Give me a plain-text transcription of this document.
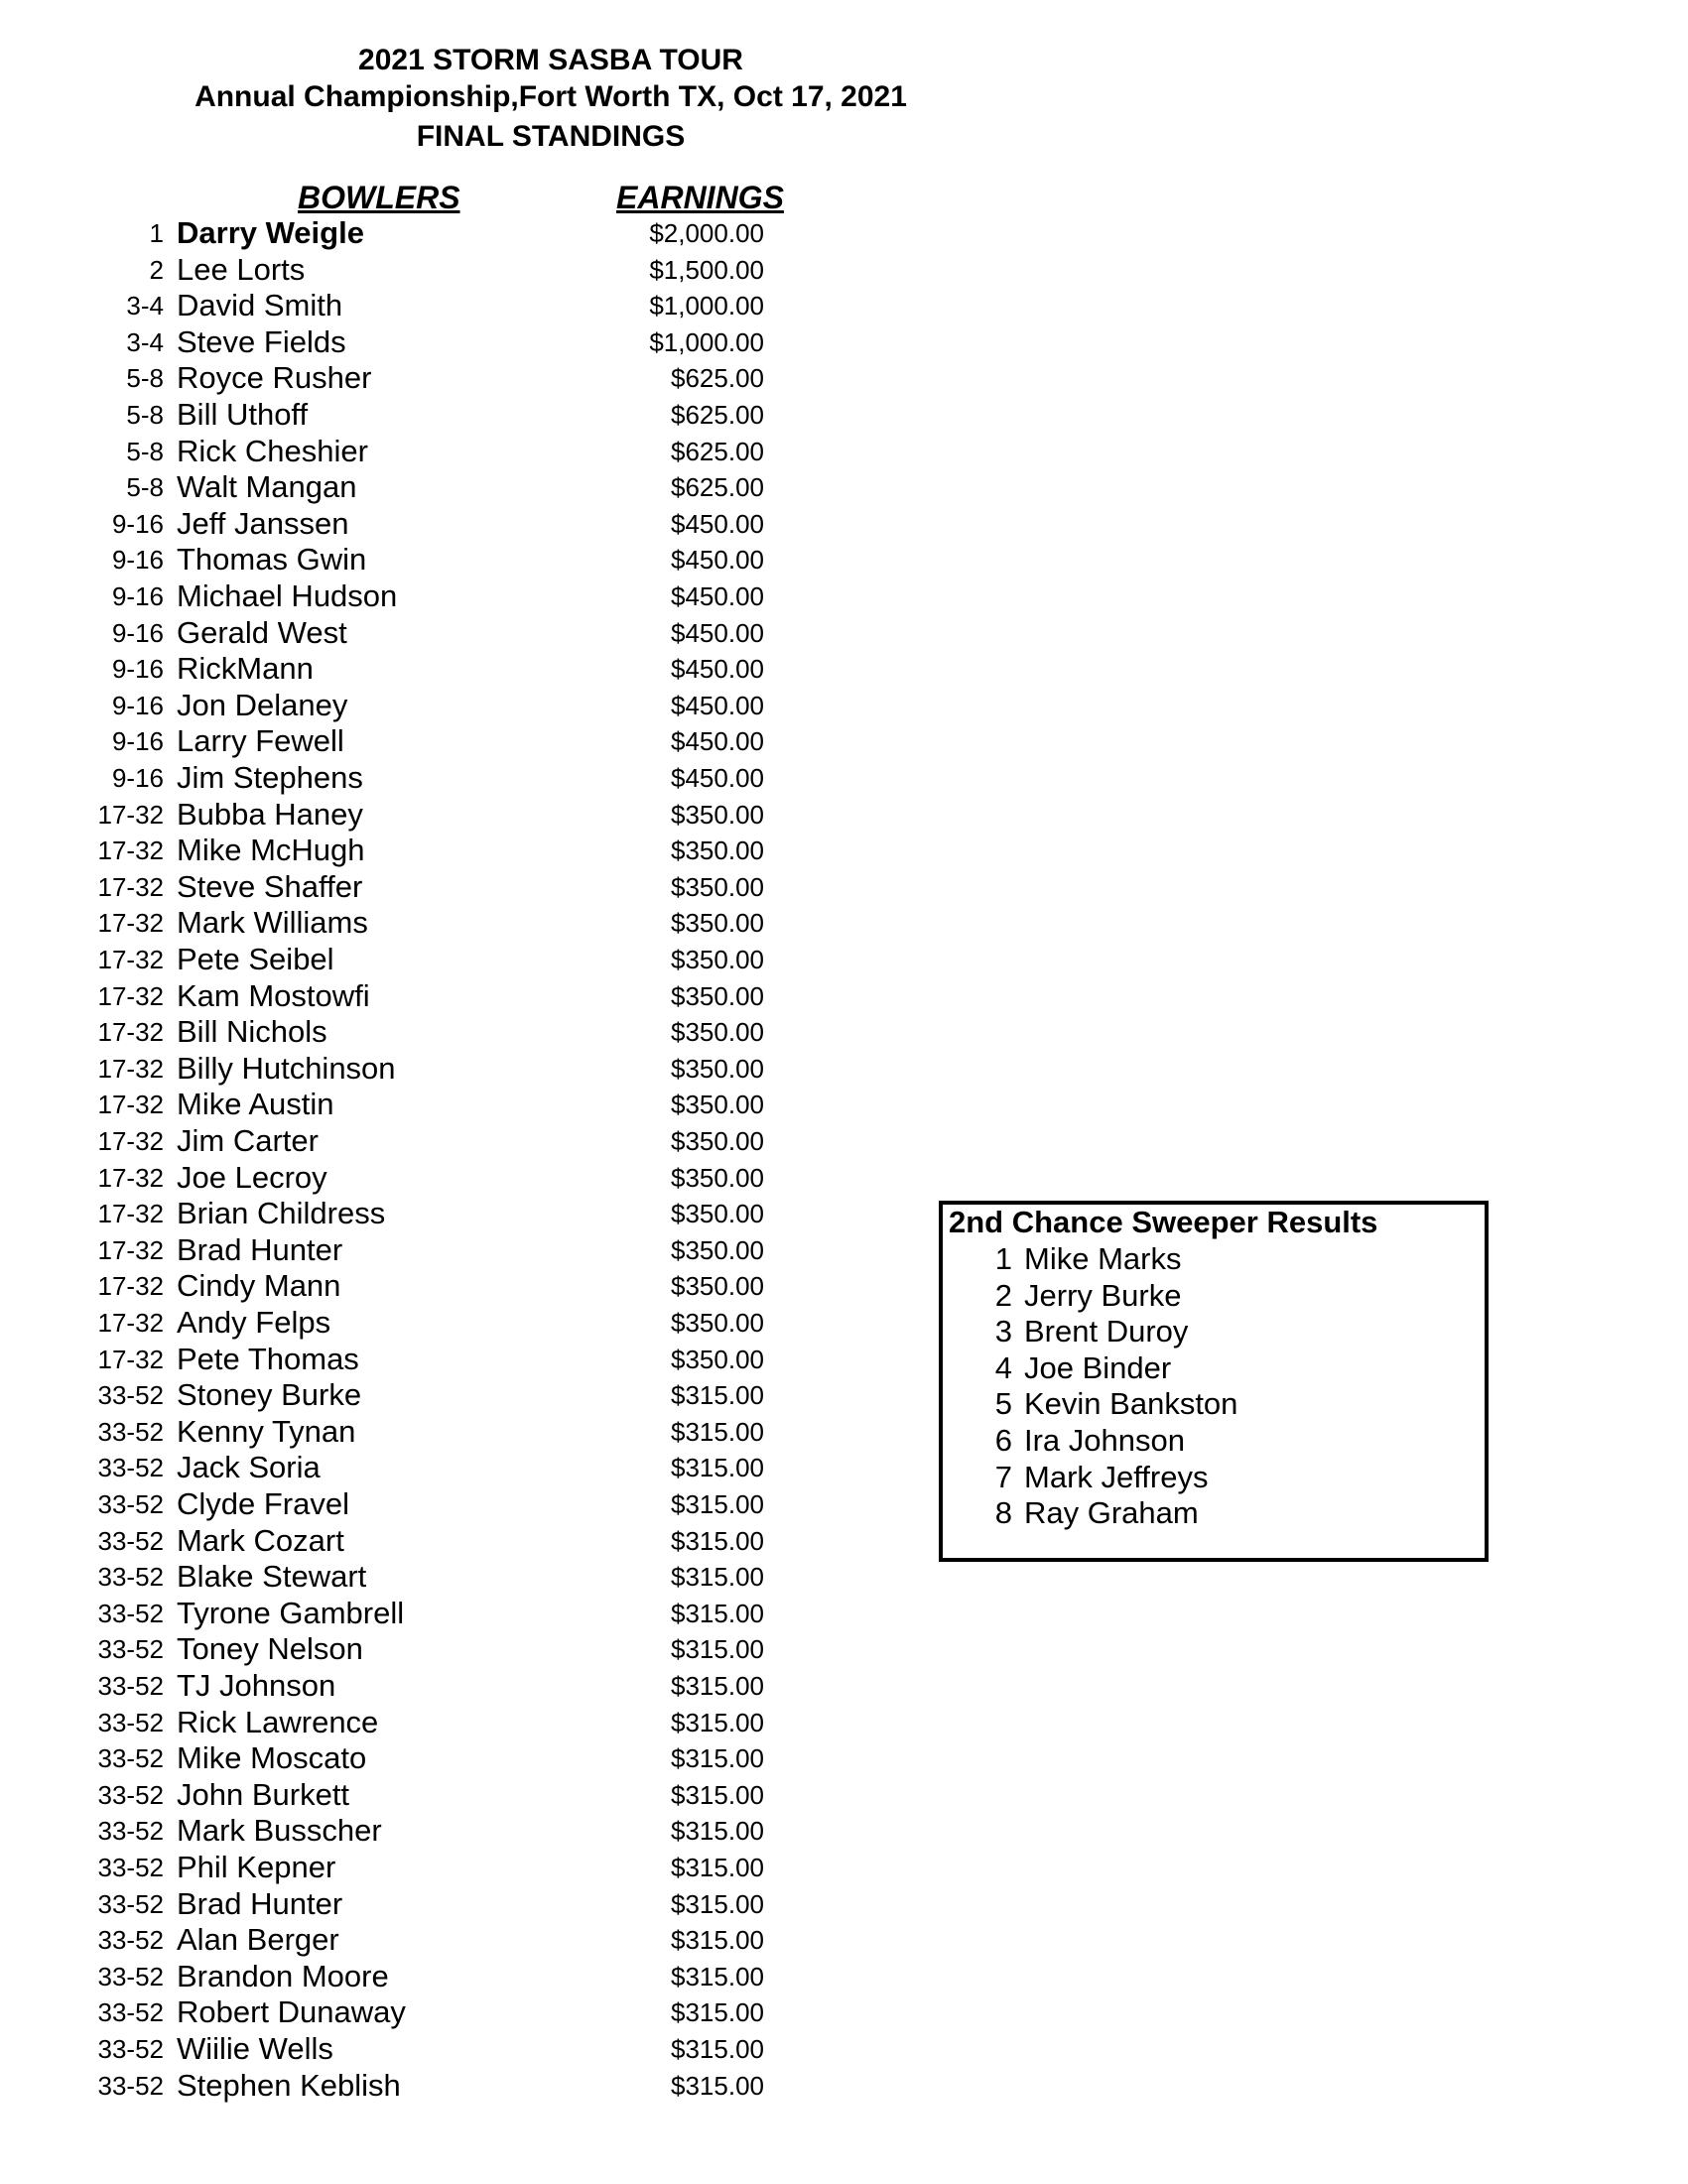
2021 STORM SASBA TOUR
Annual Championship,Fort Worth TX, Oct 17, 2021
FINAL STANDINGS
BOWLERS	EARNINGS
1 Darry Weigle	$2,000.00
2 Lee Lorts	$1,500.00
3-4 David Smith	$1,000.00
3-4 Steve Fields	$1,000.00
5-8 Royce Rusher	$625.00
5-8 Bill Uthoff	$625.00
5-8 Rick Cheshier	$625.00
5-8 Walt Mangan	$625.00
9-16 Jeff Janssen	$450.00
9-16 Thomas Gwin	$450.00
9-16 Michael Hudson	$450.00
9-16 Gerald West	$450.00
9-16 RickMann	$450.00
9-16 Jon Delaney	$450.00
9-16 Larry Fewell	$450.00
9-16 Jim Stephens	$450.00
17-32 Bubba Haney	$350.00
17-32 Mike McHugh	$350.00
17-32 Steve Shaffer	$350.00
17-32 Mark Williams	$350.00
17-32 Pete Seibel	$350.00
17-32 Kam Mostowfi	$350.00
17-32 Bill Nichols	$350.00
17-32 Billy Hutchinson	$350.00
17-32 Mike Austin	$350.00
17-32 Jim Carter	$350.00
17-32 Joe Lecroy	$350.00
17-32 Brian Childress	$350.00
17-32 Brad Hunter	$350.00
17-32 Cindy Mann	$350.00
17-32 Andy Felps	$350.00
17-32 Pete Thomas	$350.00
33-52 Stoney Burke	$315.00
33-52 Kenny Tynan	$315.00
33-52 Jack Soria	$315.00
33-52 Clyde Fravel	$315.00
33-52 Mark Cozart	$315.00
33-52 Blake Stewart	$315.00
33-52 Tyrone Gambrell	$315.00
33-52 Toney Nelson	$315.00
33-52 TJ Johnson	$315.00
33-52 Rick Lawrence	$315.00
33-52 Mike Moscato	$315.00
33-52 John Burkett	$315.00
33-52 Mark Busscher	$315.00
33-52 Phil Kepner	$315.00
33-52 Brad Hunter	$315.00
33-52 Alan Berger	$315.00
33-52 Brandon Moore	$315.00
33-52 Robert Dunaway	$315.00
33-52 Wiilie Wells	$315.00
33-52 Stephen Keblish	$315.00
2nd Chance Sweeper Results
1 Mike Marks
2 Jerry Burke
3 Brent Duroy
4 Joe Binder
5 Kevin Bankston
6 Ira Johnson
7 Mark Jeffreys
8 Ray Graham
